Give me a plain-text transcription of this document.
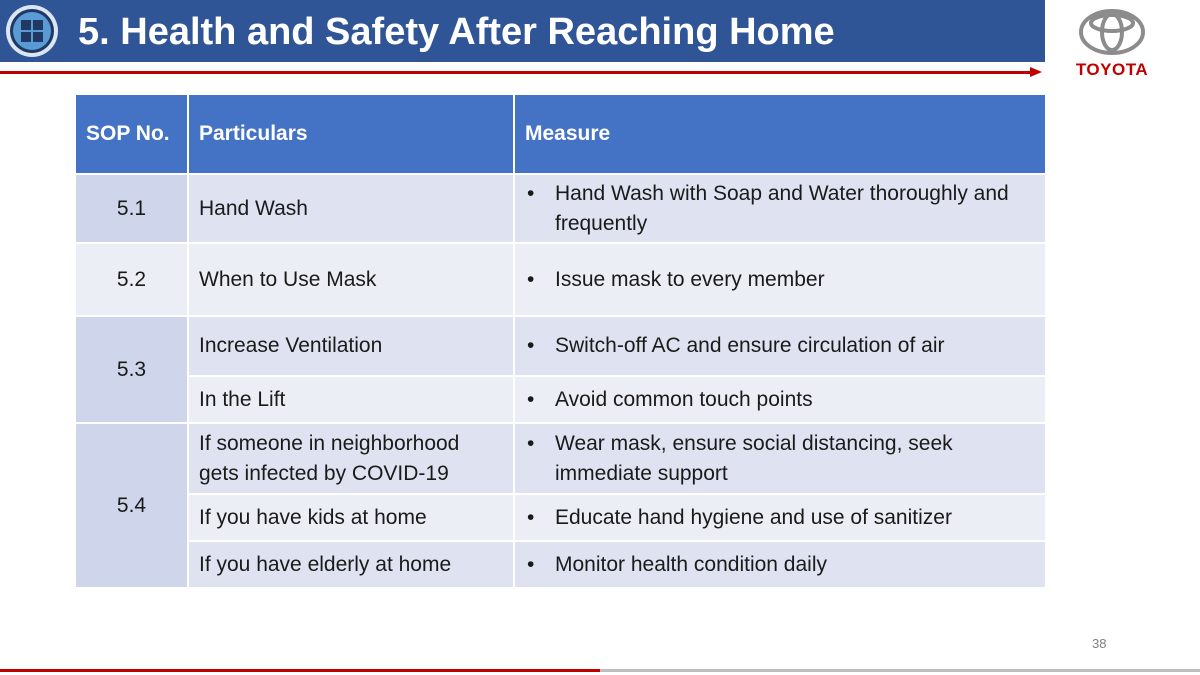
5. Health and Safety After Reaching Home
TOYOTA
SOP No.	Particulars	Measure
5.1	Hand Wash	• Hand Wash with Soap and Water thoroughly and frequently

5.2	When to Use Mask	• Issue mask to every member

5.3	Increase Ventilation	• Switch-off AC and ensure circulation of air

	In the Lift	• Avoid common touch points

5.4	If someone in neighborhood gets infected by COVID-19	• Wear mask, ensure social distancing, seek immediate support

	If you have kids at home	• Educate hand hygiene and use of sanitizer

	If you have elderly at home	• Monitor health condition daily
38
